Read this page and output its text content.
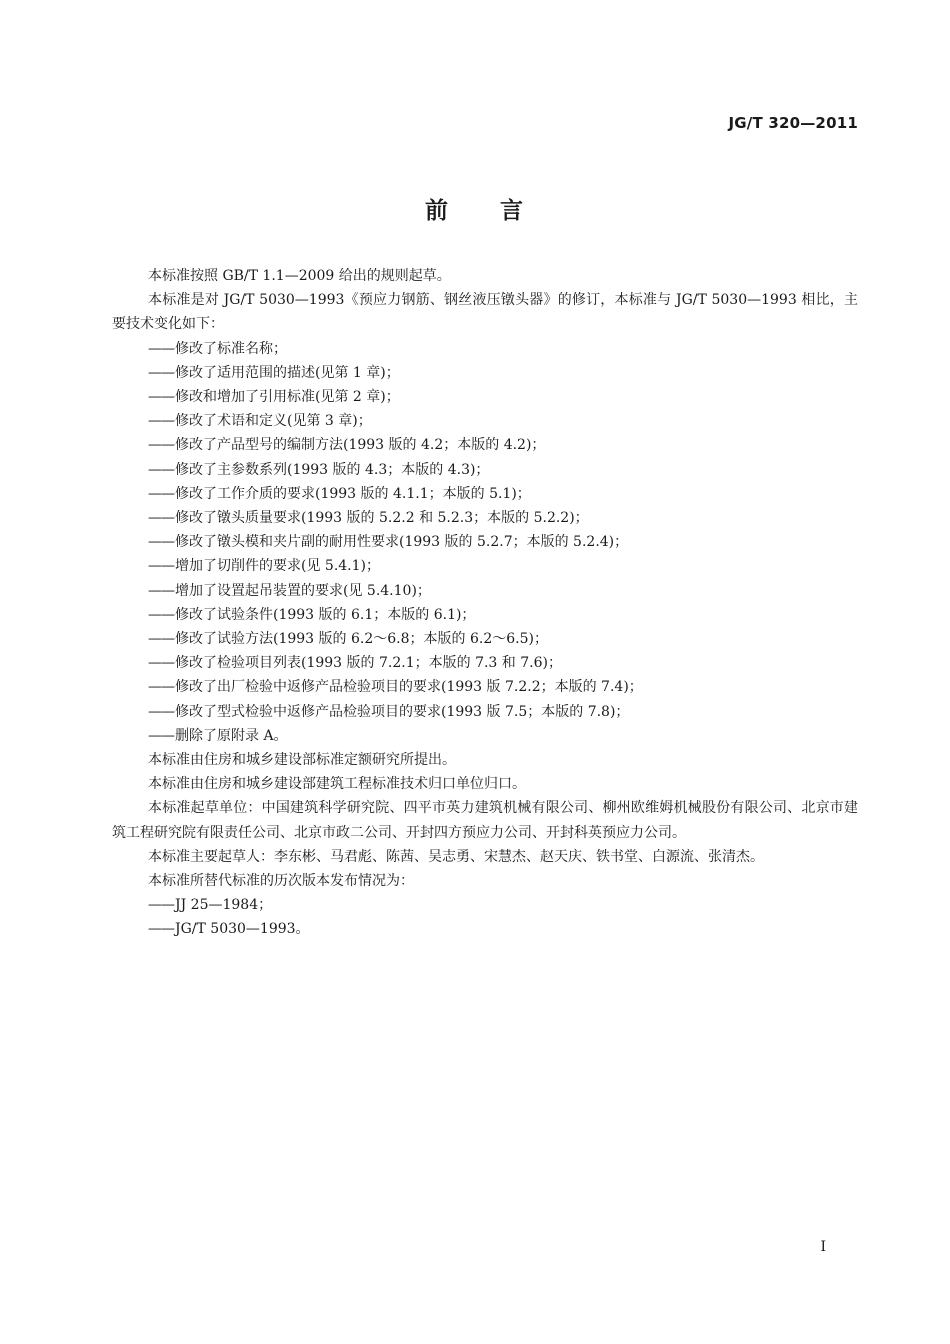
JG/T 320—2011
前　　言

本标准按照 GB/T 1.1—2009 给出的规则起草。

本标准是对 JG/T 5030—1993《预应力钢筋、钢丝液压镦头器》的修订，本标准与 JG/T 5030—1993 相比，主要技术变化如下：

——修改了标准名称；

——修改了适用范围的描述(见第 1 章)；

——修改和增加了引用标准(见第 2 章)；

——修改了术语和定义(见第 3 章)；

——修改了产品型号的编制方法(1993 版的 4.2；本版的 4.2)；

——修改了主参数系列(1993 版的 4.3；本版的 4.3)；

——修改了工作介质的要求(1993 版的 4.1.1；本版的 5.1)；

——修改了镦头质量要求(1993 版的 5.2.2 和 5.2.3；本版的 5.2.2)；

——修改了镦头模和夹片副的耐用性要求(1993 版的 5.2.7；本版的 5.2.4)；

——增加了切削件的要求(见 5.4.1)；

——增加了设置起吊装置的要求(见 5.4.10)；

——修改了试验条件(1993 版的 6.1；本版的 6.1)；

——修改了试验方法(1993 版的 6.2～6.8；本版的 6.2～6.5)；

——修改了检验项目列表(1993 版的 7.2.1；本版的 7.3 和 7.6)；

——修改了出厂检验中返修产品检验项目的要求(1993 版 7.2.2；本版的 7.4)；

——修改了型式检验中返修产品检验项目的要求(1993 版 7.5；本版的 7.8)；

——删除了原附录 A。

本标准由住房和城乡建设部标准定额研究所提出。

本标准由住房和城乡建设部建筑工程标准技术归口单位归口。

本标准起草单位：中国建筑科学研究院、四平市英力建筑机械有限公司、柳州欧维姆机械股份有限公司、北京市建筑工程研究院有限责任公司、北京市政二公司、开封四方预应力公司、开封科英预应力公司。

本标准主要起草人：李东彬、马君彪、陈茜、吴志勇、宋慧杰、赵天庆、铁书堂、白源流、张清杰。

本标准所替代标准的历次版本发布情况为：

——JJ 25—1984；

——JG/T 5030—1993。

I
